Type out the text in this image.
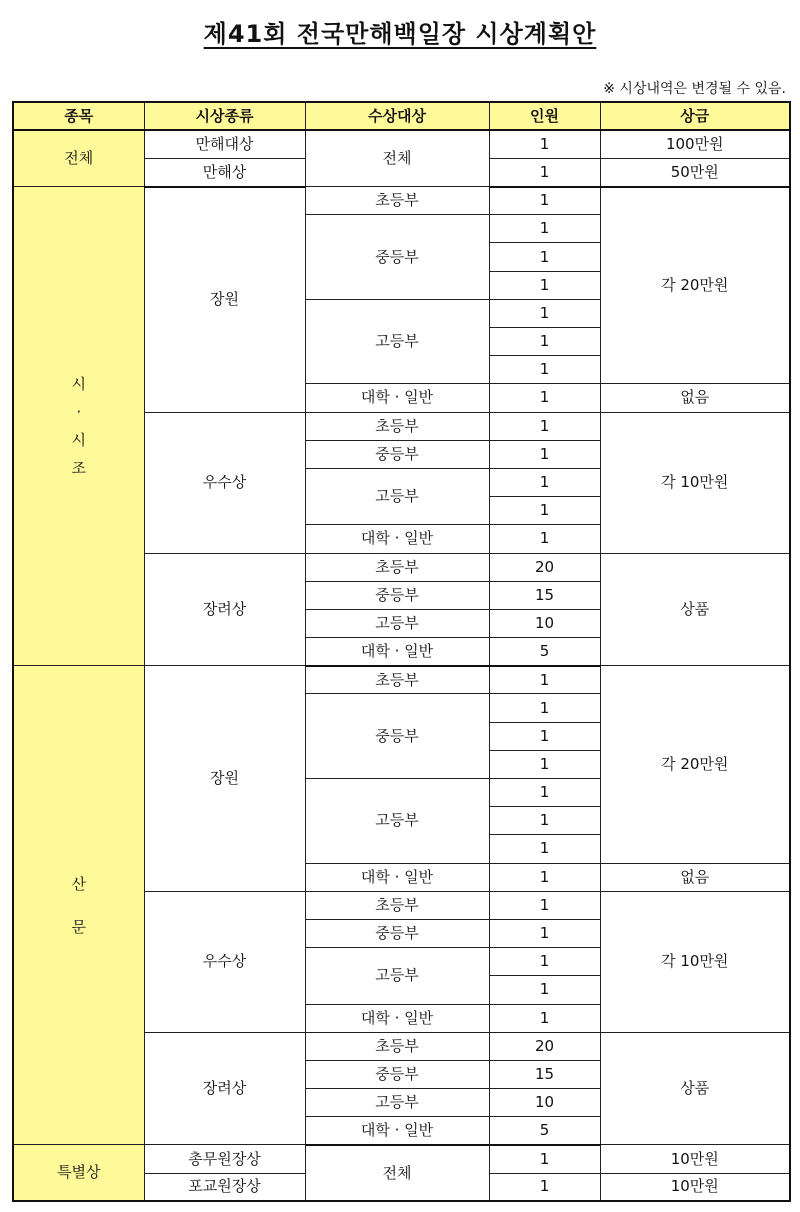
제41회 전국만해백일장 시상계획안
※ 시상내역은 변경될 수 있음.
종목	시상종류	수상대상	인원	상금
전체	만해대상	전체	1	100만원
	만해상		1	50만원
시
·
시
조	장원	초등부	1	각 20만원
		중등부	1	
			1	
			1	
		고등부	1	
			1	
			1	
		대학 · 일반	1	없음
	우수상	초등부	1	각 10만원
		중등부	1	
		고등부	1	
			1	
		대학 · 일반	1	
	장려상	초등부	20	상품
		중등부	15	
		고등부	10	
		대학 · 일반	5	
산

문	장원	초등부	1	각 20만원
		중등부	1	
			1	
			1	
		고등부	1	
			1	
			1	
		대학 · 일반	1	없음
	우수상	초등부	1	각 10만원
		중등부	1	
		고등부	1	
			1	
		대학 · 일반	1	
	장려상	초등부	20	상품
		중등부	15	
		고등부	10	
		대학 · 일반	5	
특별상	총무원장상	전체	1	10만원
	포교원장상		1	10만원
